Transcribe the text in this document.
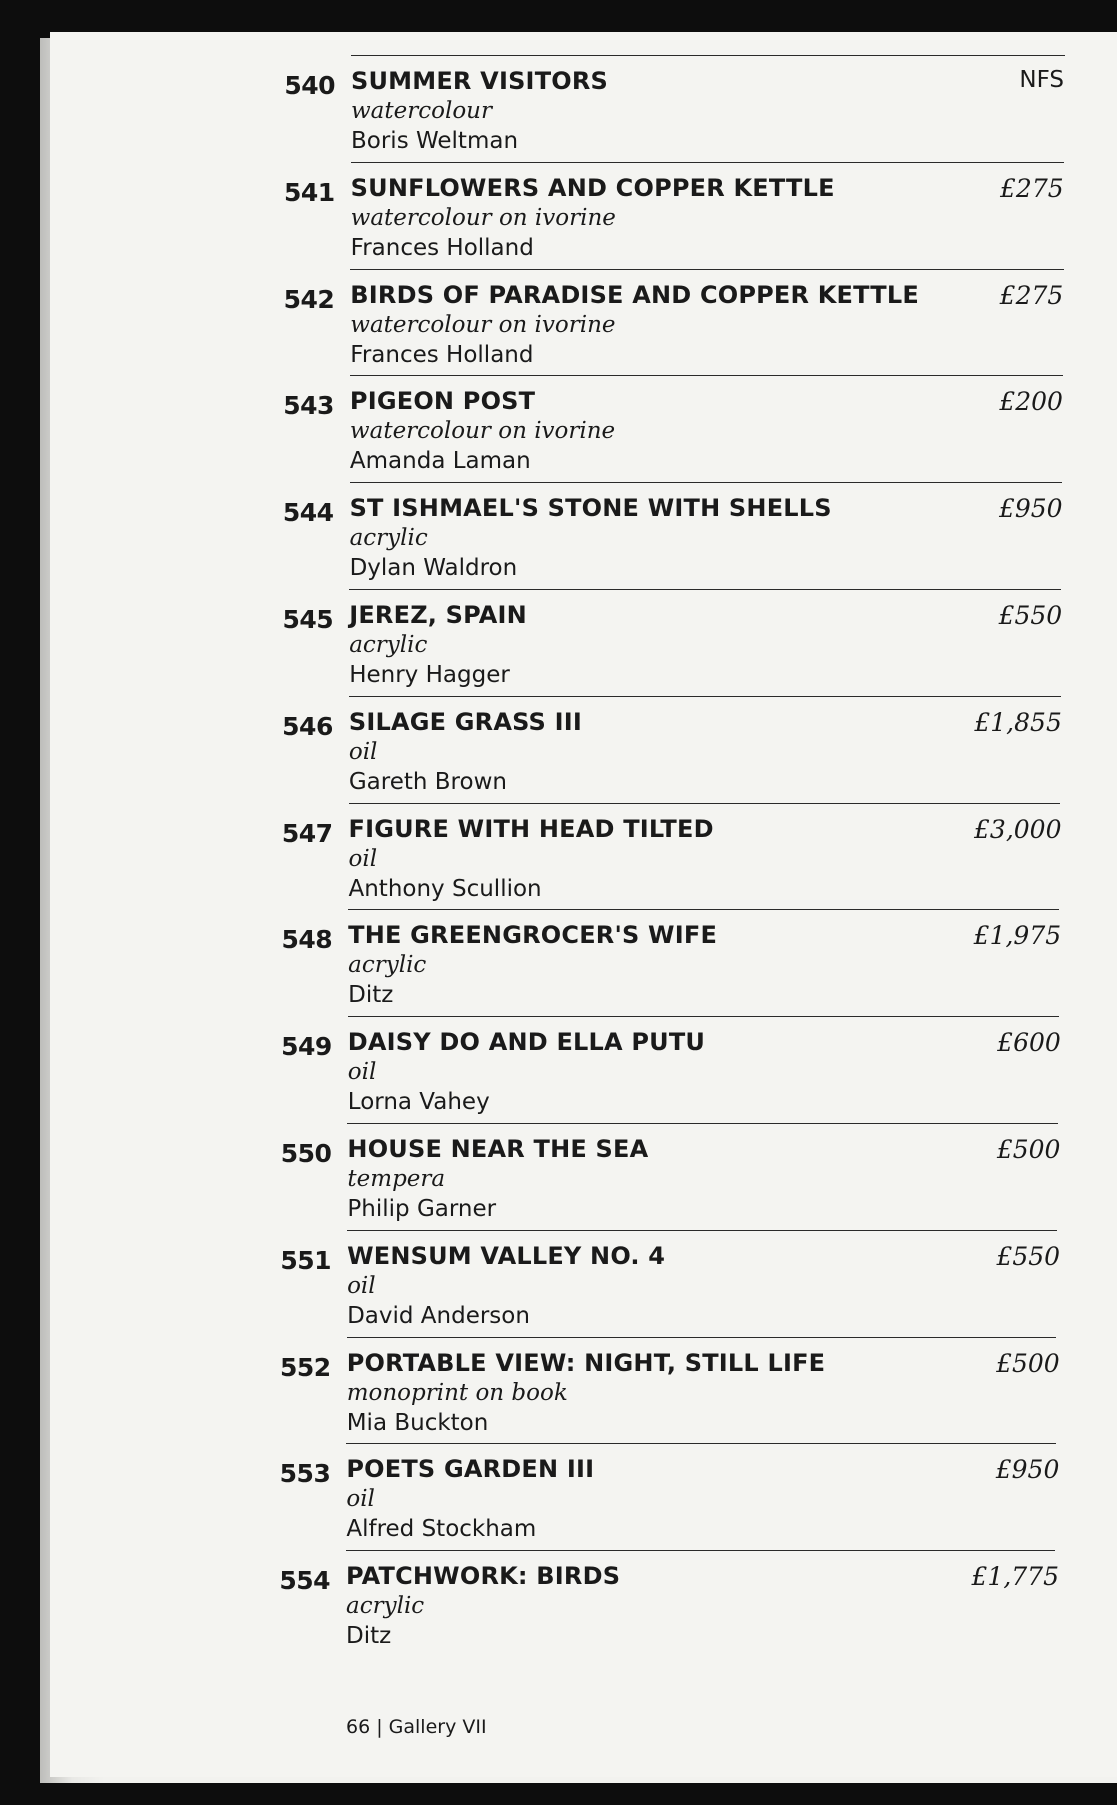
540 SUMMER VISITORS
watercolour
Boris Weltman
NFS
541 SUNFLOWERS AND COPPER KETTLE
watercolour on ivorine
Frances Holland
£275
542 BIRDS OF PARADISE AND COPPER KETTLE
watercolour on ivorine
Frances Holland
£275
543 PIGEON POST
watercolour on ivorine
Amanda Laman
£200
544 ST ISHMAEL'S STONE WITH SHELLS
acrylic
Dylan Waldron
£950
545 JEREZ, SPAIN
acrylic
Henry Hagger
£550
546 SILAGE GRASS III
oil
Gareth Brown
£1,855
547 FIGURE WITH HEAD TILTED
oil
Anthony Scullion
£3,000
548 THE GREENGROCER'S WIFE
acrylic
Ditz
£1,975
549 DAISY DO AND ELLA PUTU
oil
Lorna Vahey
£600
550 HOUSE NEAR THE SEA
tempera
Philip Garner
£500
551 WENSUM VALLEY NO. 4
oil
David Anderson
£550
552 PORTABLE VIEW: NIGHT, STILL LIFE
monoprint on book
Mia Buckton
£500
553 POETS GARDEN III
oil
Alfred Stockham
£950
554 PATCHWORK: BIRDS
acrylic
Ditz
£1,775
66 | Gallery VII
